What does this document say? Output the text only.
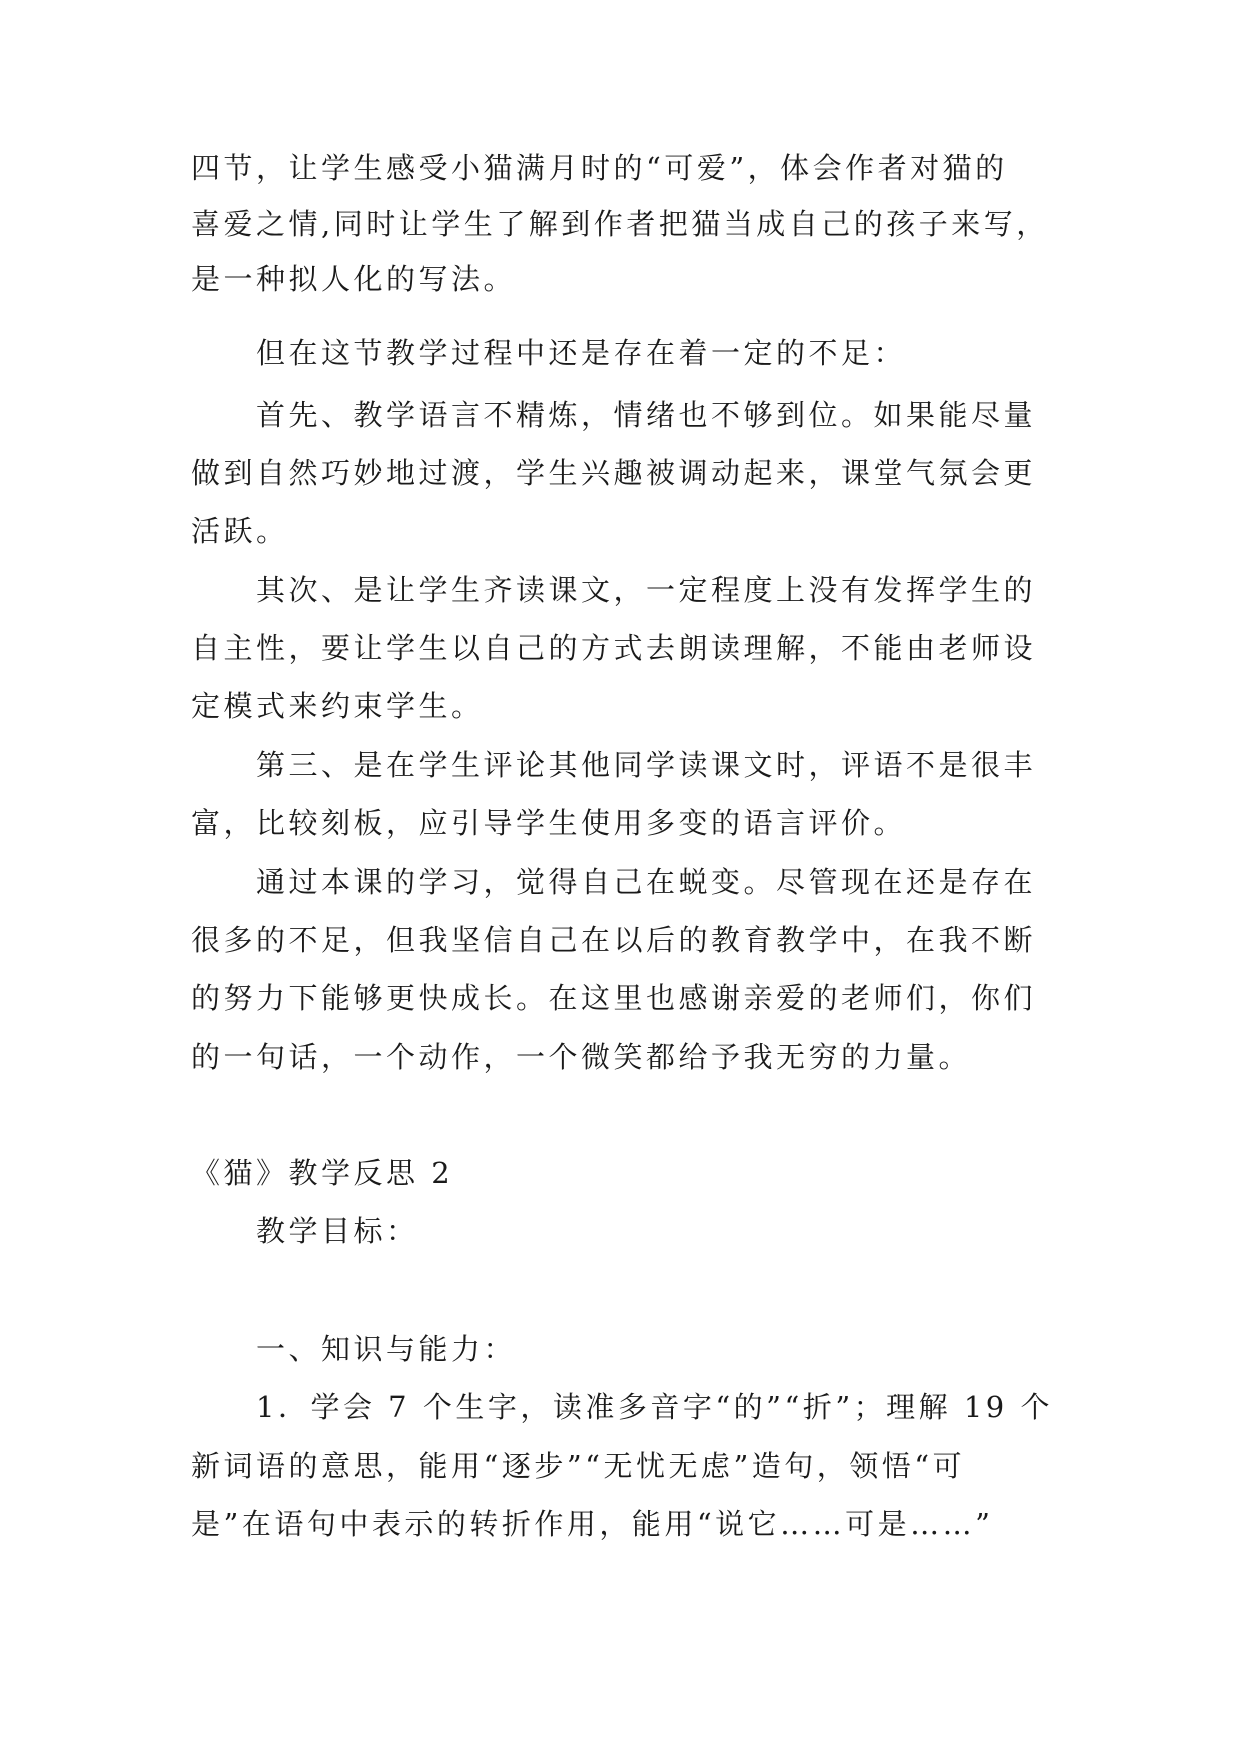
四节，让学生感受小猫满月时的“可爱”，体会作者对猫的
喜爱之情,同时让学生了解到作者把猫当成自己的孩子来写，
是一种拟人化的写法。
但在这节教学过程中还是存在着一定的不足：
首先、教学语言不精炼，情绪也不够到位。如果能尽量
做到自然巧妙地过渡，学生兴趣被调动起来，课堂气氛会更
活跃。
其次、是让学生齐读课文，一定程度上没有发挥学生的
自主性，要让学生以自己的方式去朗读理解，不能由老师设
定模式来约束学生。
第三、是在学生评论其他同学读课文时，评语不是很丰
富，比较刻板，应引导学生使用多变的语言评价。
通过本课的学习，觉得自己在蜕变。尽管现在还是存在
很多的不足，但我坚信自己在以后的教育教学中，在我不断
的努力下能够更快成长。在这里也感谢亲爱的老师们，你们
的一句话，一个动作，一个微笑都给予我无穷的力量。
《猫》教学反思 2
教学目标：
一、知识与能力：
1．学会 7 个生字，读准多音字“的”“折”；理解 19 个
新词语的意思，能用“逐步”“无忧无虑”造句，领悟“可
是”在语句中表示的转折作用，能用“说它……可是……”
